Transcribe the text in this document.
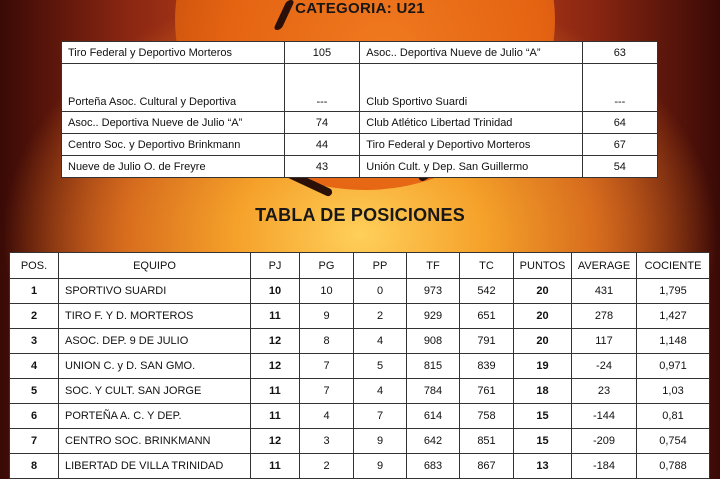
CATEGORIA: U21
Tiro Federal y Deportivo Morteros	105	Asoc.. Deportiva Nueve de Julio “A”	63
Porteña Asoc. Cultural y Deportiva	---	Club Sportivo Suardi	---
Asoc.. Deportiva Nueve de Julio “A”	74	Club Atlético Libertad Trinidad	64
Centro Soc. y Deportivo Brinkmann	44	Tiro Federal y Deportivo Morteros	67
Nueve de Julio O. de Freyre	43	Unión Cult. y Dep. San Guillermo	54
TABLA DE POSICIONES
POS.	EQUIPO	PJ	PG	PP	TF	TC	PUNTOS	AVERAGE	COCIENTE
1	SPORTIVO SUARDI	10	10	0	973	542	20	431	1,795
2	TIRO F. Y D. MORTEROS	11	9	2	929	651	20	278	1,427
3	ASOC. DEP. 9 DE JULIO	12	8	4	908	791	20	117	1,148
4	UNION C. y D. SAN GMO.	12	7	5	815	839	19	-24	0,971
5	SOC. Y CULT. SAN JORGE	11	7	4	784	761	18	23	1,03
6	PORTEÑA A. C. Y DEP.	11	4	7	614	758	15	-144	0,81
7	CENTRO SOC. BRINKMANN	12	3	9	642	851	15	-209	0,754
8	LIBERTAD DE VILLA TRINIDAD	11	2	9	683	867	13	-184	0,788
